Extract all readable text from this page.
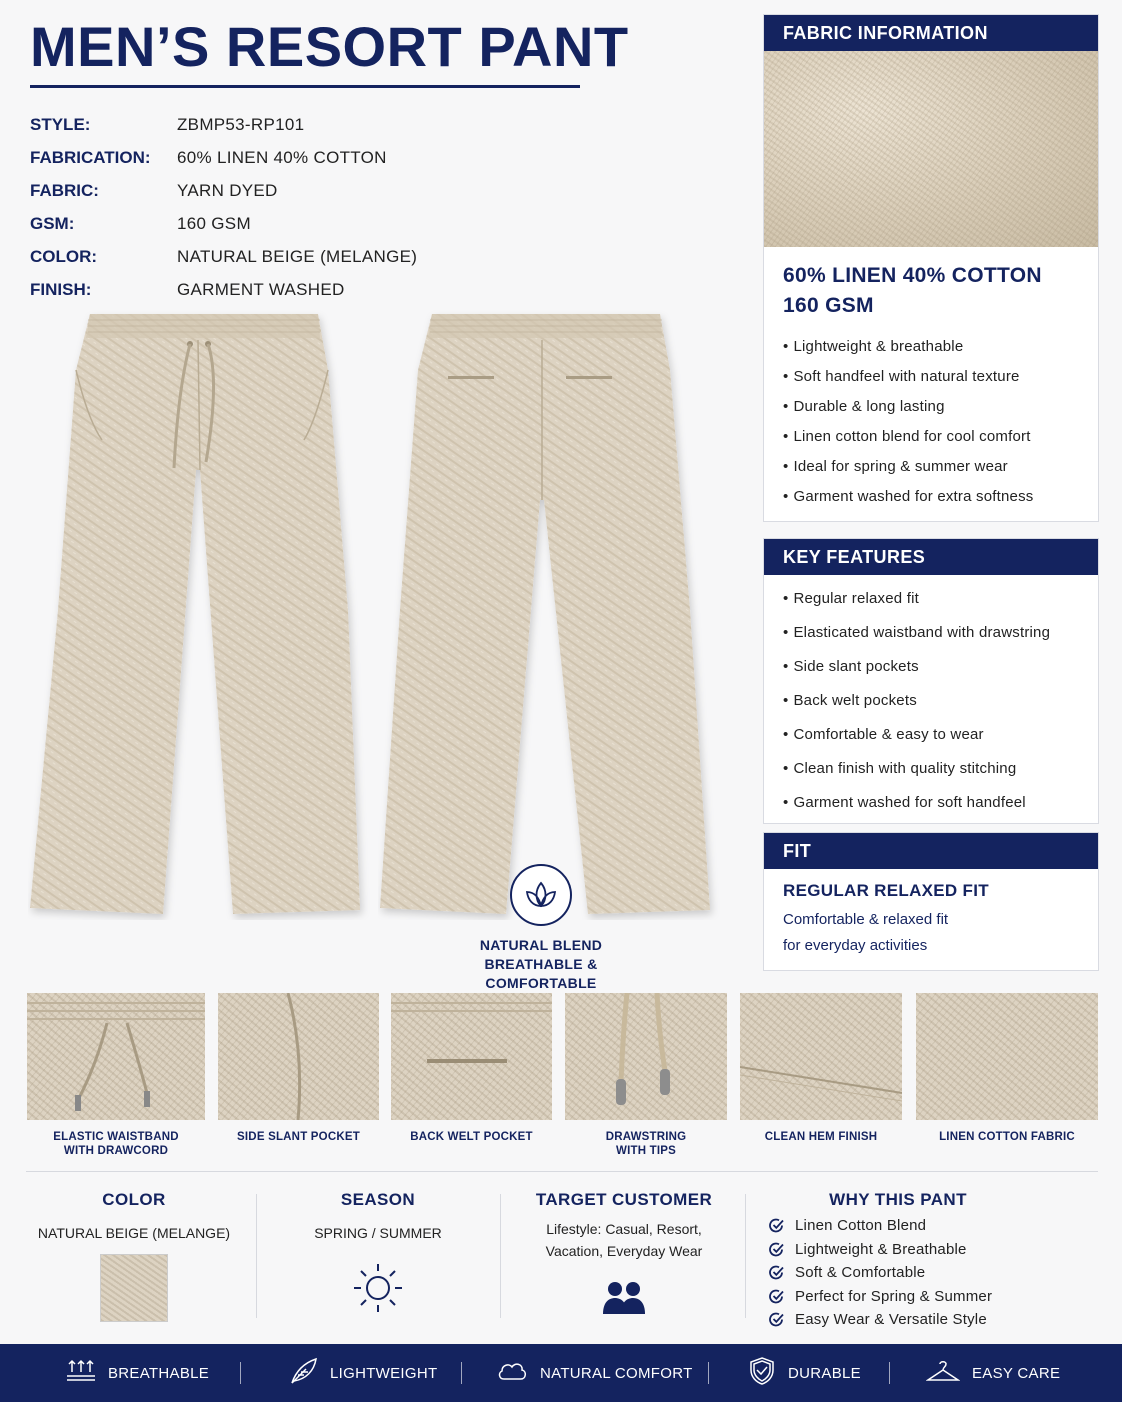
MEN’S RESORT PANT
STYLE:	ZBMP53-RP101
FABRICATION:	60% LINEN 40% COTTON
FABRIC:	YARN DYED
GSM:	160 GSM
COLOR:	NATURAL BEIGE (MELANGE)
FINISH:	GARMENT WASHED
NATURAL BLEND
BREATHABLE & COMFORTABLE
FABRIC INFORMATION
60% LINEN 40% COTTON
160 GSM
• Lightweight & breathable
• Soft handfeel with natural texture
• Durable & long lasting
• Linen cotton blend for cool comfort
• Ideal for spring & summer wear
• Garment washed for extra softness
KEY FEATURES
• Regular relaxed fit
• Elasticated waistband with drawstring
• Side slant pockets
• Back welt pockets
• Comfortable & easy to wear
• Clean finish with quality stitching
• Garment washed for soft handfeel
FIT
REGULAR RELAXED FIT
Comfortable & relaxed fit
for everyday activities
ELASTIC WAISTBAND
WITH DRAWCORD
SIDE SLANT POCKET	BACK WELT POCKET	DRAWSTRING
WITH TIPS
CLEAN HEM FINISH	LINEN COTTON FABRIC
COLOR
NATURAL BEIGE (MELANGE)
SEASON
SPRING / SUMMER
TARGET CUSTOMER
Lifestyle: Casual, Resort,
Vacation, Everyday Wear
WHY THIS PANT
Linen Cotton Blend
Lightweight & Breathable
Soft & Comfortable
Perfect for Spring & Summer
Easy Wear & Versatile Style
BREATHABLE	LIGHTWEIGHT	NATURAL COMFORT	DURABLE	EASY CARE
